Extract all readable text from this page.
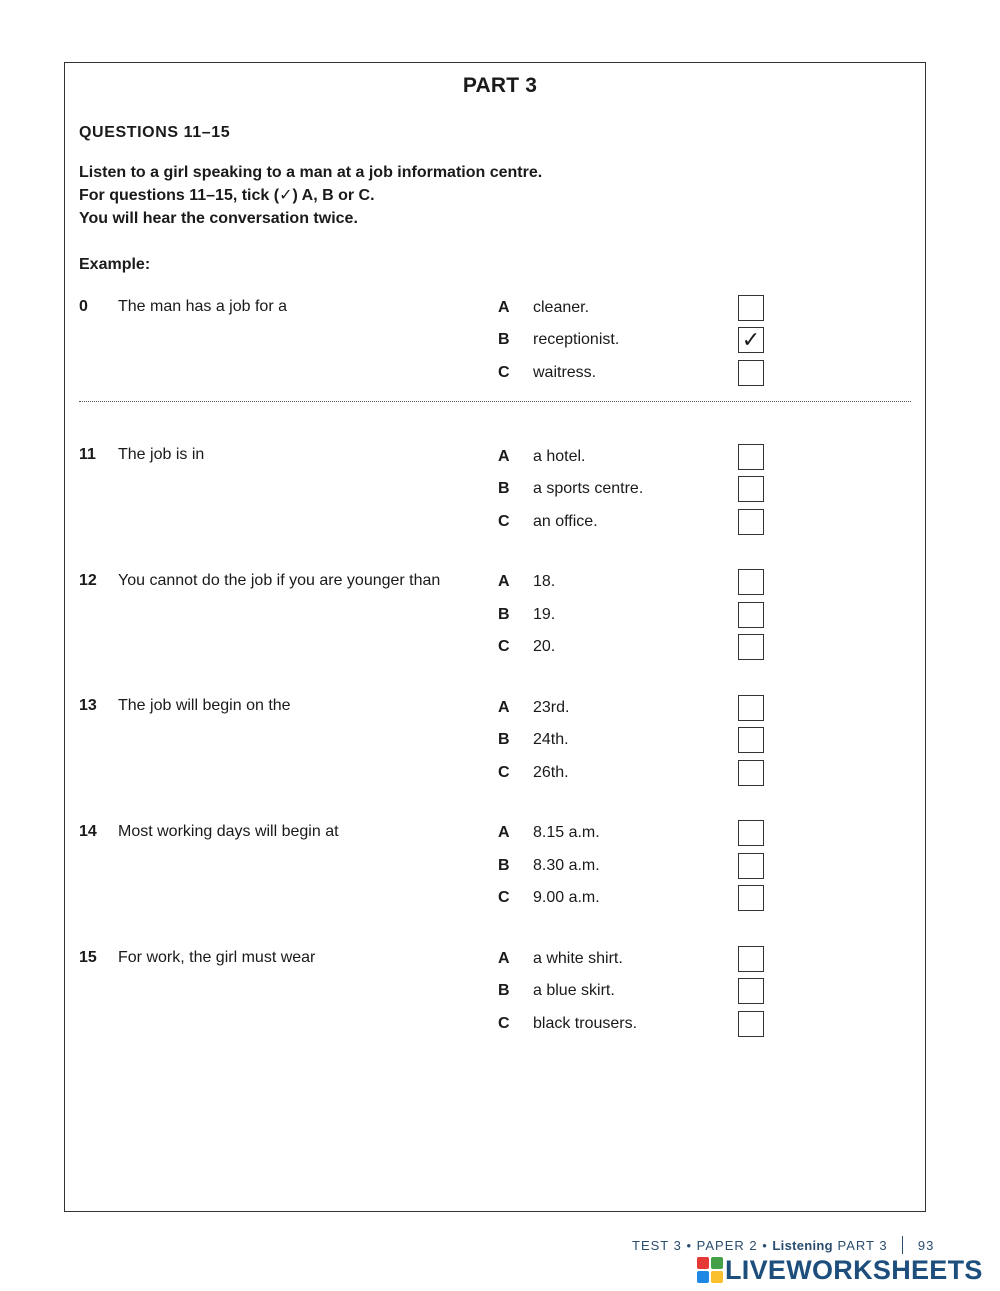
PART 3
QUESTIONS 11–15
Listen to a girl speaking to a man at a job information centre.
For questions 11–15, tick (✓) A, B or C.
You will hear the conversation twice.
Example:
0 The man has a job for a	A cleaner.
B receptionist.	✓
C waitress.
11 The job is in	A a hotel.
B a sports centre.
C an office.
12 You cannot do the job if you are younger than	A 18.
B 19.
C 20.
13 The job will begin on the	A 23rd.
B 24th.
C 26th.
14 Most working days will begin at	A 8.15 a.m.
B 8.30 a.m.
C 9.00 a.m.
15 For work, the girl must wear	A a white shirt.
B a blue skirt.
C black trousers.
TEST 3 • PAPER 2 • Listening PART 3 93
LIVEWORKSHEETS
